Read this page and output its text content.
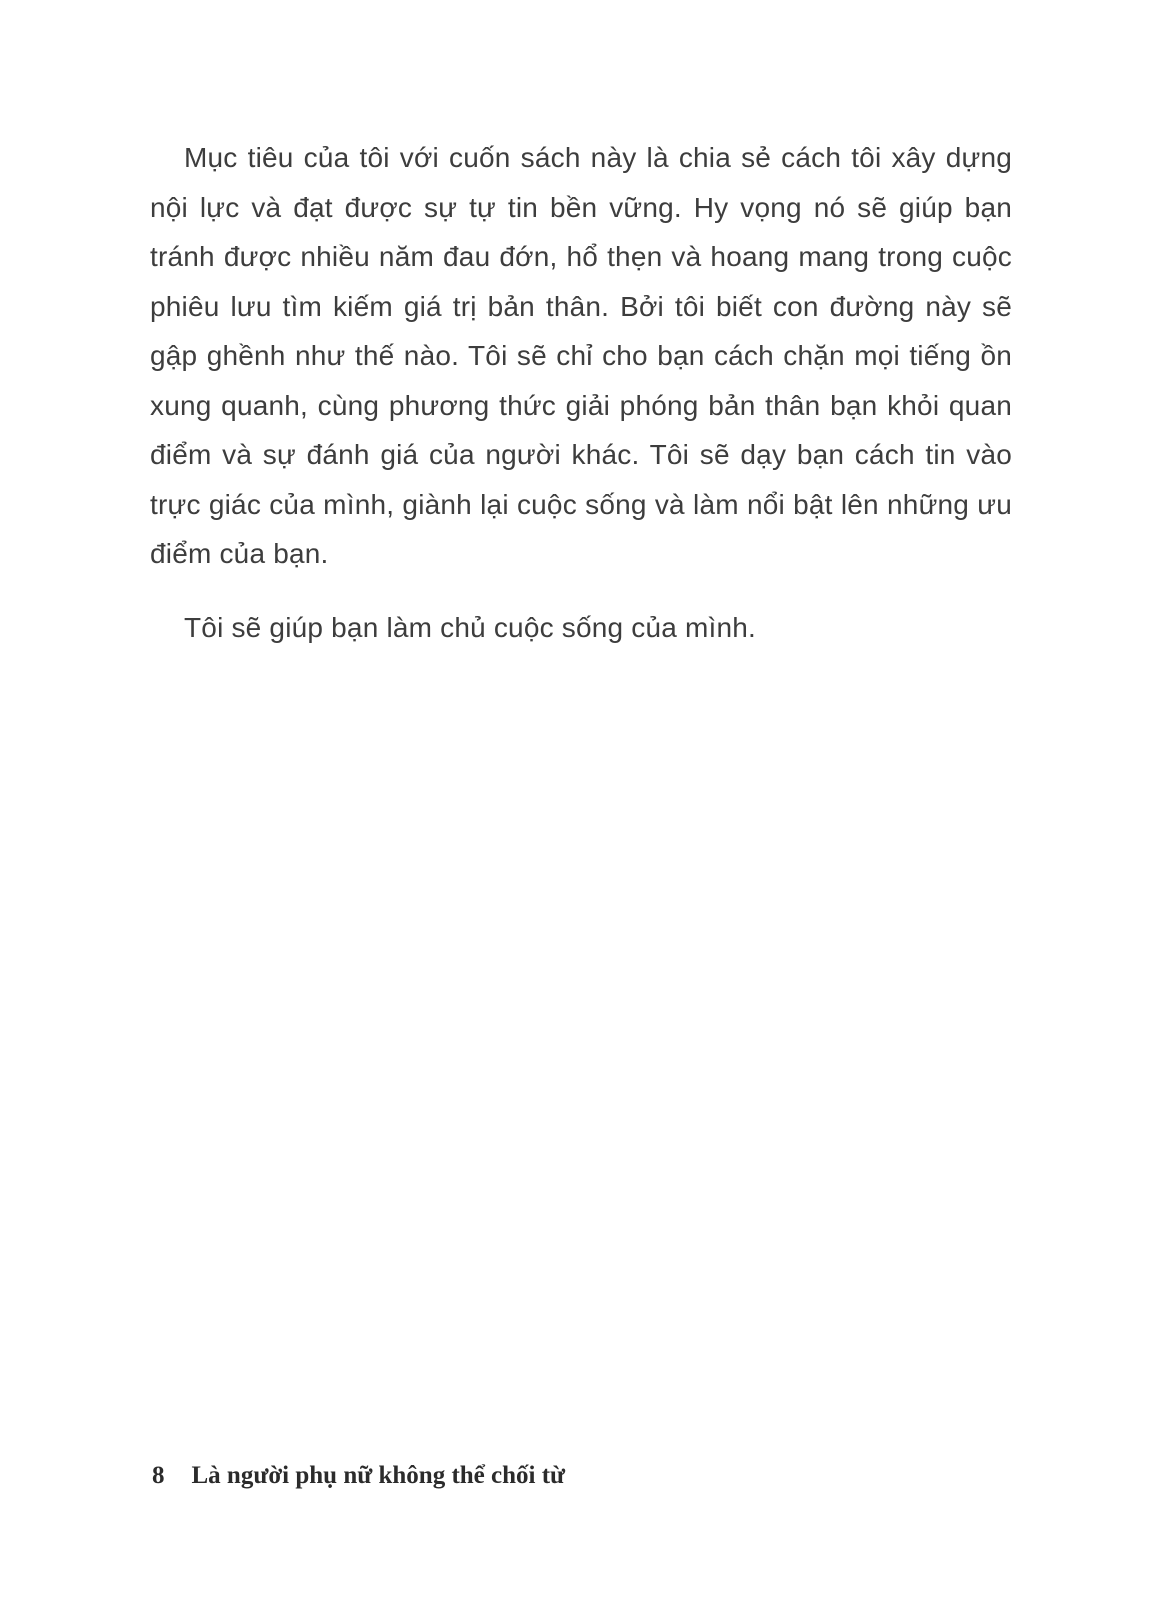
Mục tiêu của tôi với cuốn sách này là chia sẻ cách tôi xây dựng nội lực và đạt được sự tự tin bền vững. Hy vọng nó sẽ giúp bạn tránh được nhiều năm đau đớn, hổ thẹn và hoang mang trong cuộc phiêu lưu tìm kiếm giá trị bản thân. Bởi tôi biết con đường này sẽ gập ghềnh như thế nào. Tôi sẽ chỉ cho bạn cách chặn mọi tiếng ồn xung quanh, cùng phương thức giải phóng bản thân bạn khỏi quan điểm và sự đánh giá của người khác. Tôi sẽ dạy bạn cách tin vào trực giác của mình, giành lại cuộc sống và làm nổi bật lên những ưu điểm của bạn.

Tôi sẽ giúp bạn làm chủ cuộc sống của mình.

8 Là người phụ nữ không thể chối từ
